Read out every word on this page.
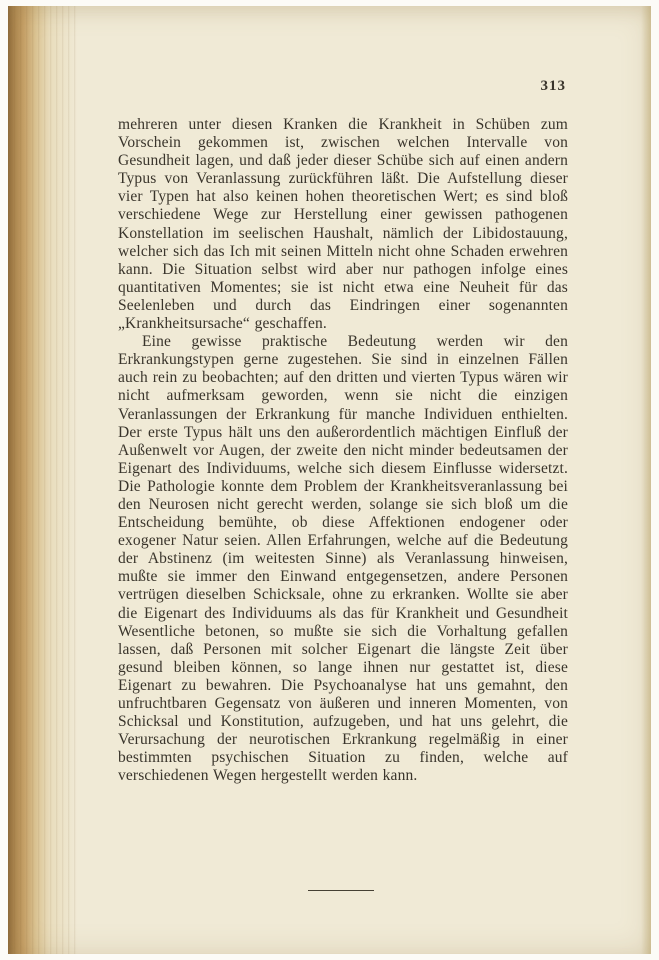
313

mehreren unter diesen Kranken die Krankheit in Schüben zum Vorschein gekommen ist, zwischen welchen Intervalle von Gesundheit lagen, und daß jeder dieser Schübe sich auf einen andern Typus von Veranlassung zurückführen läßt. Die Aufstellung dieser vier Typen hat also keinen hohen theoretischen Wert; es sind bloß verschiedene Wege zur Herstellung einer gewissen pathogenen Konstellation im seelischen Haushalt, nämlich der Libidostauung, welcher sich das Ich mit seinen Mitteln nicht ohne Schaden erwehren kann. Die Situation selbst wird aber nur pathogen infolge eines quantitativen Momentes; sie ist nicht etwa eine Neuheit für das Seelenleben und durch das Eindringen einer sogenannten „Krankheitsursache“ geschaffen.

Eine gewisse praktische Bedeutung werden wir den Erkrankungstypen gerne zugestehen. Sie sind in einzelnen Fällen auch rein zu beobachten; auf den dritten und vierten Typus wären wir nicht aufmerksam geworden, wenn sie nicht die einzigen Veranlassungen der Erkrankung für manche Individuen enthielten. Der erste Typus hält uns den außerordentlich mächtigen Einfluß der Außenwelt vor Augen, der zweite den nicht minder bedeutsamen der Eigenart des Individuums, welche sich diesem Einflusse widersetzt. Die Pathologie konnte dem Problem der Krankheitsveranlassung bei den Neurosen nicht gerecht werden, solange sie sich bloß um die Entscheidung bemühte, ob diese Affektionen endogener oder exogener Natur seien. Allen Erfahrungen, welche auf die Bedeutung der Abstinenz (im weitesten Sinne) als Veranlassung hinweisen, mußte sie immer den Einwand entgegensetzen, andere Personen vertrügen dieselben Schicksale, ohne zu erkranken. Wollte sie aber die Eigenart des Individuums als das für Krankheit und Gesundheit Wesentliche betonen, so mußte sie sich die Vorhaltung gefallen lassen, daß Personen mit solcher Eigenart die längste Zeit über gesund bleiben können, so lange ihnen nur gestattet ist, diese Eigenart zu bewahren. Die Psychoanalyse hat uns gemahnt, den unfruchtbaren Gegensatz von äußeren und inneren Momenten, von Schicksal und Konstitution, aufzugeben, und hat uns gelehrt, die Verursachung der neurotischen Erkrankung regelmäßig in einer bestimmten psychischen Situation zu finden, welche auf verschiedenen Wegen hergestellt werden kann.
